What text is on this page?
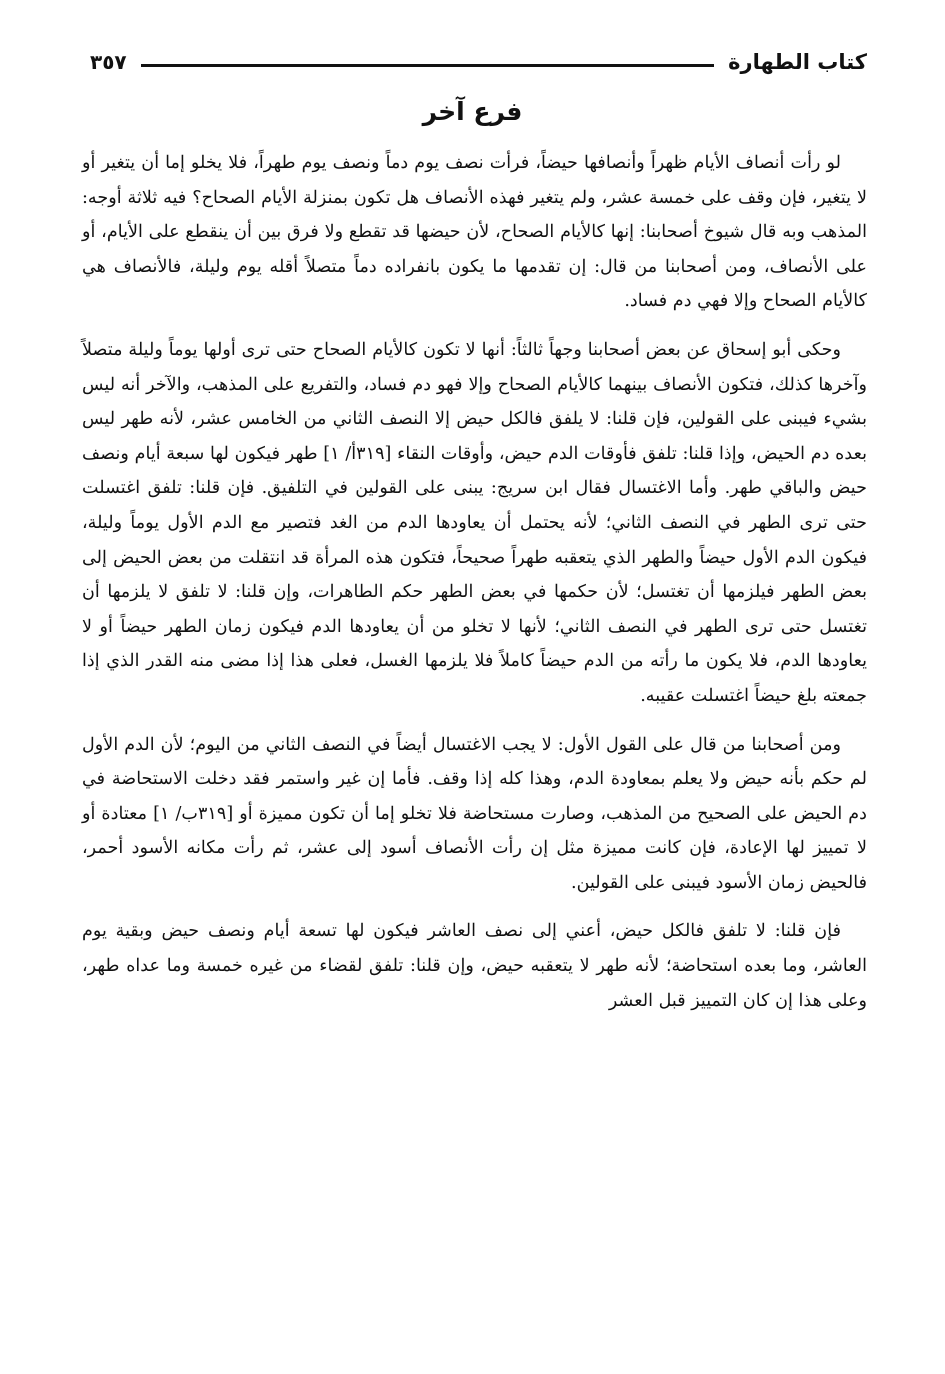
كتاب الطهارة
٣٥٧
فرع آخر

لو رأت أنصاف الأيام ظهراً وأنصافها حيضاً، فرأت نصف يوم دماً ونصف يوم طهراً، فلا يخلو إما أن يتغير أو لا يتغير، فإن وقف على خمسة عشر، ولم يتغير فهذه الأنصاف هل تكون بمنزلة الأيام الصحاح؟ فيه ثلاثة أوجه: المذهب وبه قال شيوخ أصحابنا: إنها كالأيام الصحاح، لأن حيضها قد تقطع ولا فرق بين أن ينقطع على الأيام، أو على الأنصاف، ومن أصحابنا من قال: إن تقدمها ما يكون بانفراده دماً متصلاً أقله يوم وليلة، فالأنصاف هي كالأيام الصحاح وإلا فهي دم فساد.

وحكى أبو إسحاق عن بعض أصحابنا وجهاً ثالثاً: أنها لا تكون كالأيام الصحاح حتى ترى أولها يوماً وليلة متصلاً وآخرها كذلك، فتكون الأنصاف بينهما كالأيام الصحاح وإلا فهو دم فساد، والتفريع على المذهب، والآخر أنه ليس بشيء فيبنى على القولين، فإن قلنا: لا يلفق فالكل حيض إلا النصف الثاني من الخامس عشر، لأنه طهر ليس بعده دم الحيض، وإذا قلنا: تلفق فأوقات الدم حيض، وأوقات النقاء [٣١٩أ/ ١] طهر فيكون لها سبعة أيام ونصف حيض والباقي طهر. وأما الاغتسال فقال ابن سريج: يبنى على القولين في التلفيق. فإن قلنا: تلفق اغتسلت حتى ترى الطهر في النصف الثاني؛ لأنه يحتمل أن يعاودها الدم من الغد فتصير مع الدم الأول يوماً وليلة، فيكون الدم الأول حيضاً والطهر الذي يتعقبه طهراً صحيحاً، فتكون هذه المرأة قد انتقلت من بعض الحيض إلى بعض الطهر فيلزمها أن تغتسل؛ لأن حكمها في بعض الطهر حكم الطاهرات، وإن قلنا: لا تلفق لا يلزمها أن تغتسل حتى ترى الطهر في النصف الثاني؛ لأنها لا تخلو من أن يعاودها الدم فيكون زمان الطهر حيضاً أو لا يعاودها الدم، فلا يكون ما رأته من الدم حيضاً كاملاً فلا يلزمها الغسل، فعلى هذا إذا مضى منه القدر الذي إذا جمعته بلغ حيضاً اغتسلت عقيبه.

ومن أصحابنا من قال على القول الأول: لا يجب الاغتسال أيضاً في النصف الثاني من اليوم؛ لأن الدم الأول لم حكم بأنه حيض ولا يعلم بمعاودة الدم، وهذا كله إذا وقف. فأما إن غير واستمر فقد دخلت الاستحاضة في دم الحيض على الصحيح من المذهب، وصارت مستحاضة فلا تخلو إما أن تكون مميزة أو [٣١٩ب/ ١] معتادة أو لا تمييز لها الإعادة، فإن كانت مميزة مثل إن رأت الأنصاف أسود إلى عشر، ثم رأت مكانه الأسود أحمر، فالحيض زمان الأسود فيبنى على القولين.

فإن قلنا: لا تلفق فالكل حيض، أعني إلى نصف العاشر فيكون لها تسعة أيام ونصف حيض وبقية يوم العاشر، وما بعده استحاضة؛ لأنه طهر لا يتعقبه حيض، وإن قلنا: تلفق لقضاء من غيره خمسة وما عداه طهر، وعلى هذا إن كان التمييز قبل العشر
